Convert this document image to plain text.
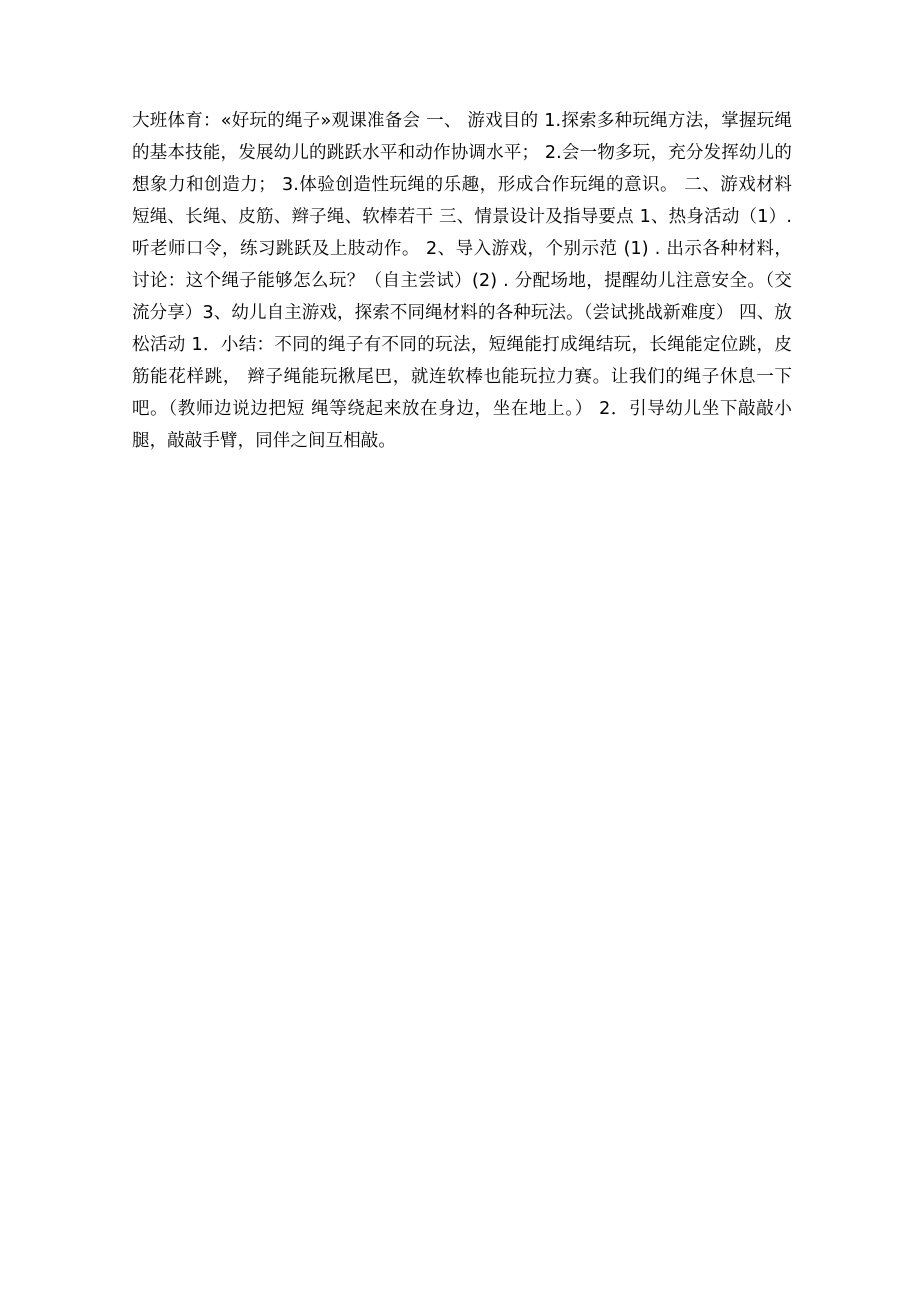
大班体育：«好玩的绳子»观课准备会 一、 游戏目的 1.探索多种玩绳方法，掌握玩绳的基本技能，发展幼儿的跳跃水平和动作协调水平； 2.会一物多玩，充分发挥幼儿的想象力和创造力； 3.体验创造性玩绳的乐趣，形成合作玩绳的意识。 二、游戏材料 短绳、长绳、皮筋、辫子绳、软棒若干 三、情景设计及指导要点 1、热身活动（1）. 听老师口令，练习跳跃及上肢动作。 2、导入游戏，个别示范 (1) . 出示各种材料，讨论：这个绳子能够怎么玩？（自主尝试）(2) . 分配场地，提醒幼儿注意安全。（交流分享）3、幼儿自主游戏，探索不同绳材料的各种玩法。（尝试挑战新难度） 四、放松活动 1．小结：不同的绳子有不同的玩法，短绳能打成绳结玩，长绳能定位跳，皮筋能花样跳， 辫子绳能玩揪尾巴，就连软棒也能玩拉力赛。让我们的绳子休息一下吧。（教师边说边把短 绳等绕起来放在身边，坐在地上。） 2．引导幼儿坐下敲敲小腿，敲敲手臂，同伴之间互相敲。
